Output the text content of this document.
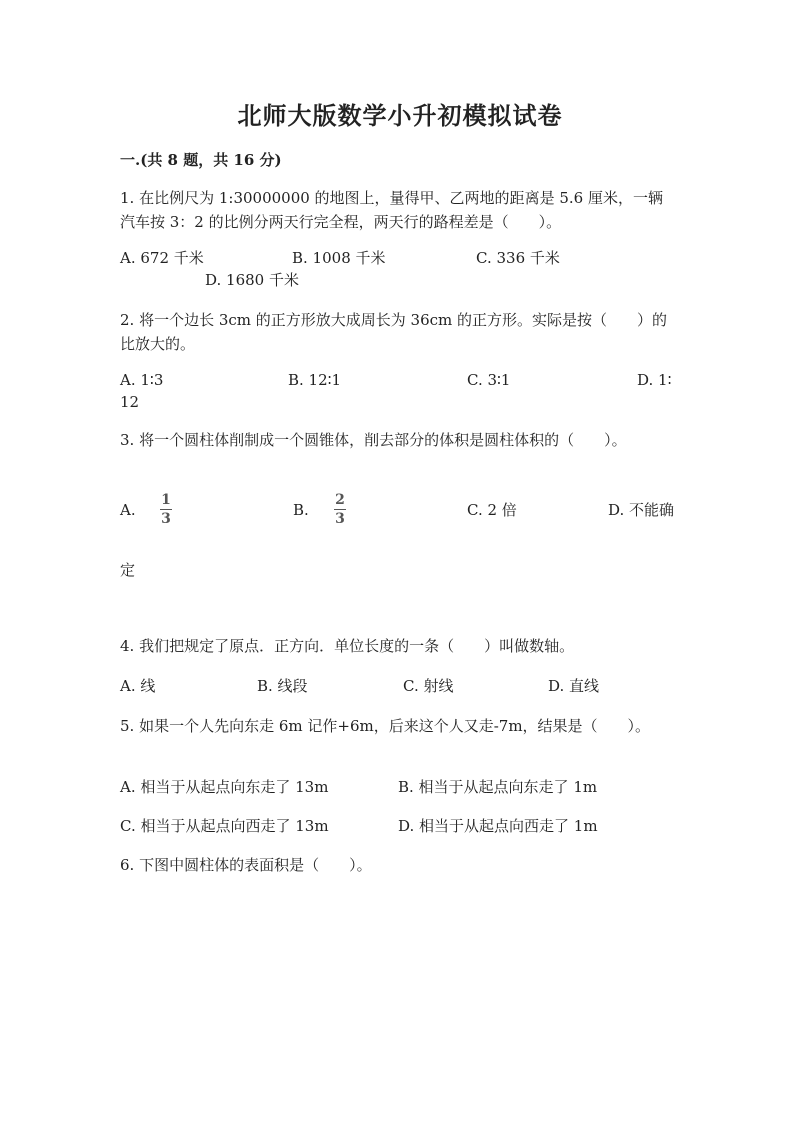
北师大版数学小升初模拟试卷
一.(共 8 题，共 16 分)
1. 在比例尺为 1:30000000 的地图上，量得甲、乙两地的距离是 5.6 厘米，一辆
汽车按 3：2 的比例分两天行完全程，两天行的路程差是（　　）。
A. 672 千米	B. 1008 千米	C. 336 千米
D. 1680 千米
2. 将一个边长 3cm 的正方形放大成周长为 36cm 的正方形。实际是按（　　）的
比放大的。
A. 1∶3	B. 12∶1	C. 3∶1	D. 1∶
12
3. 将一个圆柱体削制成一个圆锥体，削去部分的体积是圆柱体积的（　　）。
A.
1
3	B.
2
3	C. 2 倍	D. 不能确
定
4. 我们把规定了原点．正方向．单位长度的一条（　　）叫做数轴。
A. 线	B. 线段	C. 射线	D. 直线
5. 如果一个人先向东走 6m 记作+6m，后来这个人又走-7m，结果是（　　）。
A. 相当于从起点向东走了 13m	B. 相当于从起点向东走了 1m
C. 相当于从起点向西走了 13m	D. 相当于从起点向西走了 1m
6. 下图中圆柱体的表面积是（　　）。
